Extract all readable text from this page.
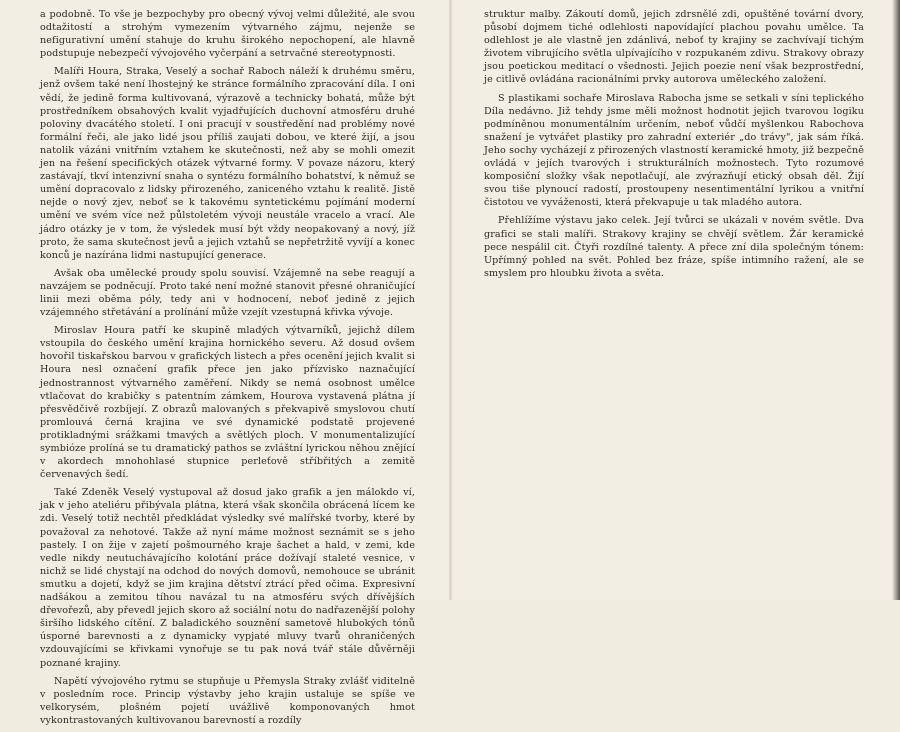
a podobně. To vše je bezpochyby pro obecný vývoj velmi důležité, ale svou odtažitostí a strohým vymezením výtvarného zájmu, nejenže se nefigurativní umění stahuje do kruhu širokého nepochopení, ale hlavně podstupuje nebezpečí vývojového vyčerpání a setrvačné stereotypnosti.

Malíři Houra, Straka, Veselý a sochař Raboch náleží k druhému směru, jenž ovšem také není lhostejný ke stránce formálního zpracování díla. I oni vědí, že jedině forma kultivovaná, výrazově a technicky bohatá, může být prostředníkem obsahových kvalit vyjadřujících duchovní atmosféru druhé poloviny dvacátého století. I oni pracují v soustředění nad problémy nové formální řeči, ale jako lidé jsou příliš zaujati dobou, ve které žijí, a jsou natolik vázáni vnitřním vztahem ke skutečnosti, než aby se mohli omezit jen na řešení specifických otázek výtvarné formy. V povaze názoru, který zastávají, tkví intenzivní snaha o syntézu formálního bohatství, k němuž se umění dopracovalo z lidsky přirozeného, zaniceného vztahu k realitě. Jistě nejde o nový zjev, neboť se k takovému syntetickému pojímání moderní umění ve svém více než půlstoletém vývoji neustále vracelo a vrací. Ale jádro otázky je v tom, že výsledek musí být vždy neopakovaný a nový, jíž proto, že sama skutečnost jevů a jejich vztahů se nepřetržitě vyvíjí a konec konců je nazírána lidmi nastupující generace.

Avšak oba umělecké proudy spolu souvisí. Vzájemně na sebe reagují a navzájem se podněcují. Proto také není možné stanovit přesné ohraničující linii mezi oběma póly, tedy ani v hodnocení, neboť jedině z jejich vzájemného střetávání a prolínání může vzejít vzestupná křivka vývoje.

Miroslav Houra patří ke skupině mladých výtvarníků, jejichž dílem vstoupila do českého umění krajina hornického severu. Až dosud ovšem hovořil tiskařskou barvou v grafických listech a přes ocenění jejich kvalit si Houra nesl označení grafik přece jen jako přízvisko naznačující jednostrannost výtvarného zaměření. Nikdy se nemá osobnost umělce vtlačovat do krabičky s patentním zámkem, Hourova vystavená plátna jí přesvědčivě rozbíjejí. Z obrazů malovaných s překvapivě smyslovou chutí promlouvá černá krajina ve své dynamické podstatě projevené protikladnými srážkami tmavých a světlých ploch. V monumentalizující symbióze prolíná se tu dramatický pathos se zvláštní lyrickou něhou znějící v akordech mnohohlasé stupnice perleťově stříbřitých a zemitě červenavých šedí.

Také Zdeněk Veselý vystupoval až dosud jako grafik a jen málokdo ví, jak v jeho ateliéru přibývala plátna, která však skončila obrácená lícem ke zdi. Veselý totiž nechtěl předkládat výsledky své malířské tvorby, které by považoval za nehotové. Takže až nyní máme možnost seznámit se s jeho pastely. I on žije v zajetí pošmourného kraje šachet a hald, v zemi, kde vedle nikdy neutuchávajícího kolotání práce dožívají staleté vesnice, v nichž se lidé chystají na odchod do nových domovů, nemohouce se ubránit smutku a dojetí, když se jim krajina dětství ztrácí před očima. Expresivní nadšákou a zemitou tíhou navázal tu na atmosféru svých dřívějších dřevořezů, aby převedl jejich skoro až sociální notu do nadřazenější polohy širšího lidského cítění. Z baladického souznění sametově hlubokých tónů úsporné barevnosti a z dynamicky vypjaté mluvy tvarů ohraničených vzdouvajícími se křivkami vynořuje se tu pak nová tvář stále důvěrněji poznané krajiny.

Napětí vývojového rytmu se stupňuje u Přemysla Straky zvlášť viditelně v posledním roce. Princip výstavby jeho krajin ustaluje se spíše ve velkorysém, plošném pojetí uvážlivě komponovaných hmot vykontrastovaných kultivovanou barevností a rozdíly

struktur malby. Zákoutí domů, jejich zdrsnělé zdi, opuštěné tovární dvory, působí dojmem tiché odlehlosti napovídající plachou povahu umělce. Ta odlehlost je ale vlastně jen zdánlivá, neboť ty krajiny se zachvívají tichým životem vibrujícího světla ulpívajícího v rozpukaném zdivu. Strakovy obrazy jsou poetickou meditací o všednosti. Jejich poezie není však bezprostřední, je citlivě ovládána racionálními prvky autorova uměleckého založení.

S plastikami sochaře Miroslava Rabocha jsme se setkali v síni teplického Díla nedávno. Již tehdy jsme měli možnost hodnotit jejich tvarovou logiku podmíněnou monumentálním určením, neboť vůdčí myšlenkou Rabochova snažení je vytvářet plastiky pro zahradní exteriér „do trávy", jak sám říká. Jeho sochy vycházejí z přirozených vlastností keramické hmoty, již bezpečně ovládá v jejích tvarových i strukturálních možnostech. Tyto rozumové komposiční složky však nepotlačují, ale zvýrazňují etický obsah děl. Žijí svou tiše plynoucí radostí, prostoupeny nesentimentální lyrikou a vnitřní čistotou ve vyváženosti, která překvapuje u tak mladého autora.

Přehlížíme výstavu jako celek. Její tvůrci se ukázali v novém světle. Dva grafici se stali malíři. Strakovy krajiny se chvějí světlem. Žár keramické pece nespálil cit. Čtyři rozdílné talenty. A přece zní dila společným tónem: Upřímný pohled na svět. Pohled bez fráze, spíše intimního ražení, ale se smyslem pro hloubku života a světa.
